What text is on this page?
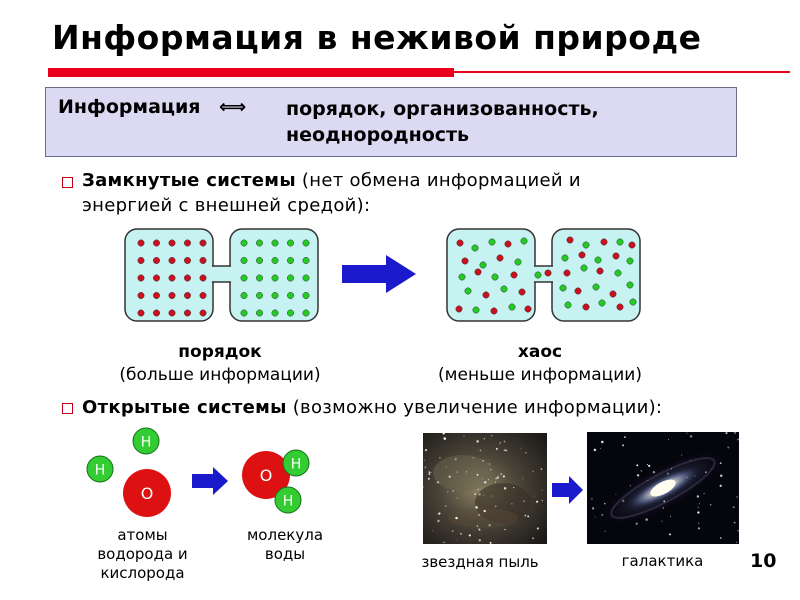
Информация в неживой природе
Информация ⟺ порядок, организованность,
неоднородность
Замкнутые системы (нет обмена информацией и
энергией с внешней средой):
порядок
(больше информации)
хаос
(меньше информации)
Открытые системы (возможно увеличение информации):
H
H
O
O
H
H
атомы
водорода и
кислорода
молекула
воды	звездная пыль	галактика	10
